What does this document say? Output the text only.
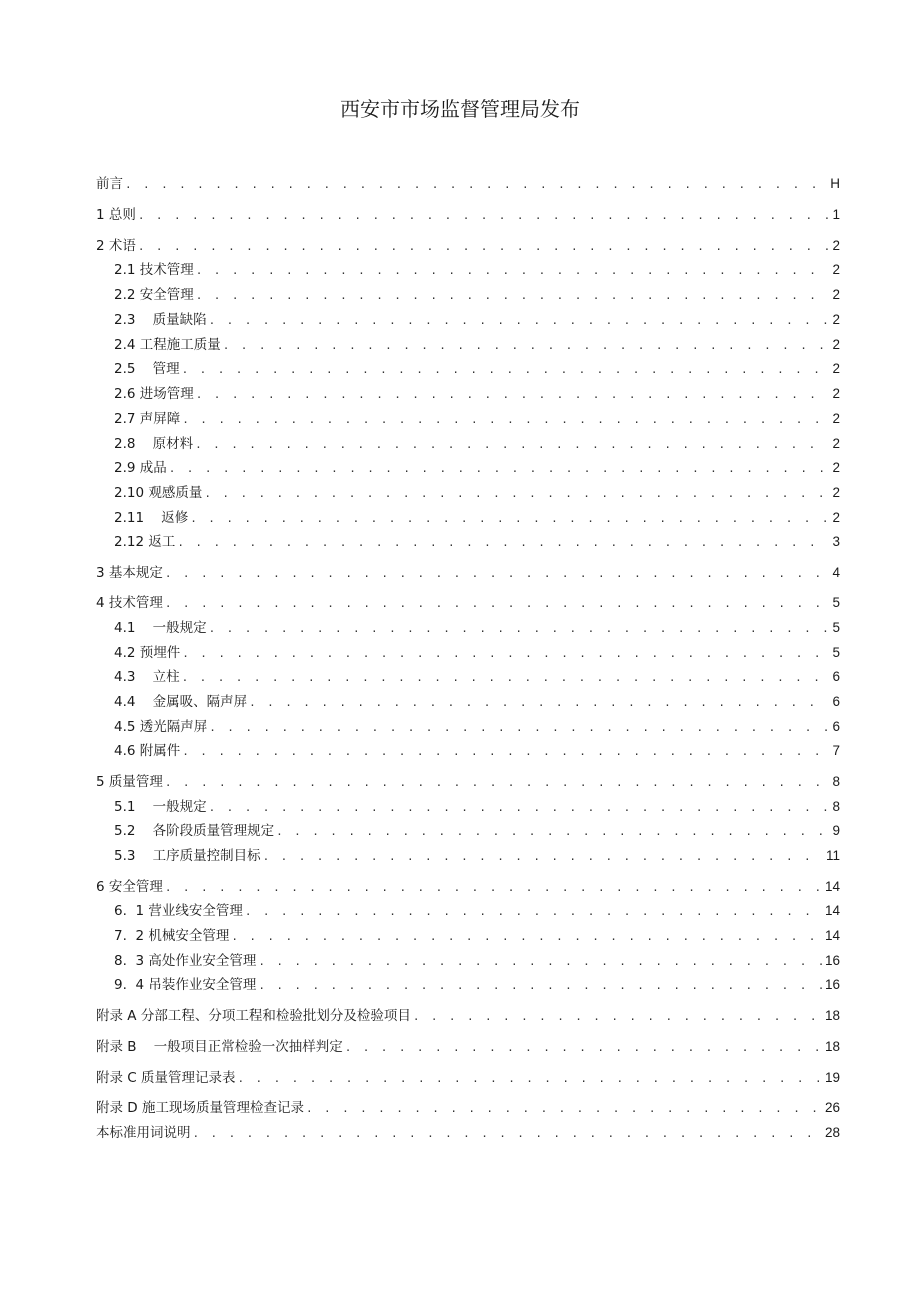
西安市市场监督管理局发布
前言 . . .	H
1 总则 . . .	1
2 术语 . . .	2
2.1 技术管理 . . .	2
2.2 安全管理 . . .	2
2.3    质量缺陷 . . .	2
2.4 工程施工质量 . . .	2
2.5    管理 . . .	2
2.6 进场管理 . . .	2
2.7 声屏障 . . .	2
2.8    原材料 . . .	2
2.9 成品 . . .	2
2.10 观感质量 . . .	2
2.11    返修 . . .	2
2.12 返工 . . .	3
3 基本规定 . . .	4
4 技术管理 . . .	5
4.1    一般规定 . . .	5
4.2 预埋件 . . .	5
4.3    立柱 . . .	6
4.4    金属吸、隔声屏 . . .	6
4.5 透光隔声屏 . . .	6
4.6 附属件 . . .	7
5 质量管理 . . .	8
5.1    一般规定 . . .	8
5.2    各阶段质量管理规定 . . .	9
5.3    工序质量控制目标 . . .	11
6 安全管理 . . .	14
6.  1 营业线安全管理 . . .	14
7.  2 机械安全管理 . . .	14
8.  3 高处作业安全管理 . . .	16
9.  4 吊装作业安全管理 . . .	16
附录 A 分部工程、分项工程和检验批划分及检验项目 . . .	18
附录 B    一般项目正常检验一次抽样判定 . . .	18
附录 C 质量管理记录表 . . .	19
附录 D 施工现场质量管理检查记录 . . .	26
本标准用词说明 . . .	28
